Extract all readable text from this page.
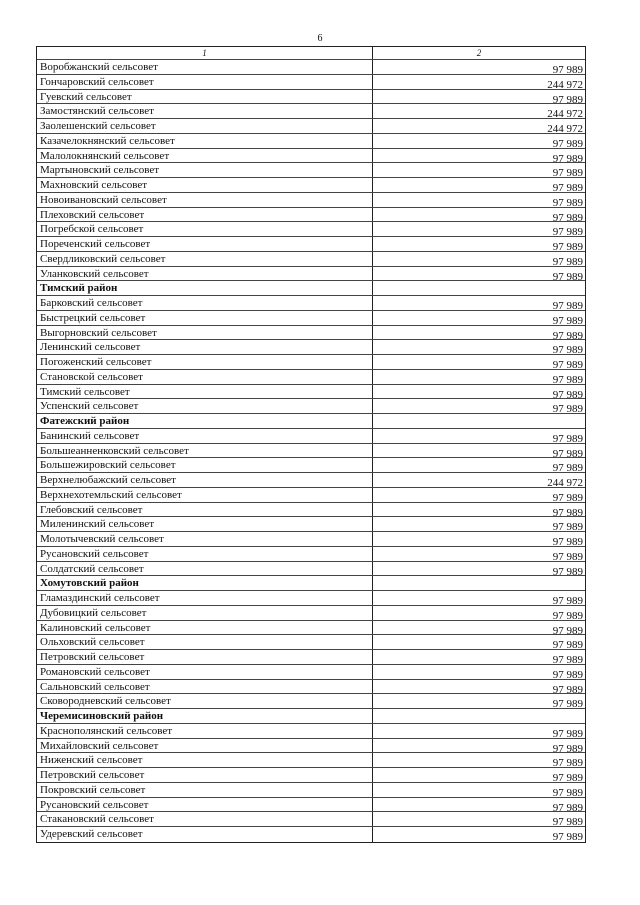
6
1	2
Воробжанский сельсовет	97 989
Гончаровский сельсовет	244 972
Гуевский сельсовет	97 989
Замостянский сельсовет	244 972
Заолешенский сельсовет	244 972
Казачелокнянский сельсовет	97 989
Малолокнянский сельсовет	97 989
Мартыновский сельсовет	97 989
Махновский сельсовет	97 989
Новоивановский сельсовет	97 989
Плеховский сельсовет	97 989
Погребской сельсовет	97 989
Пореченский сельсовет	97 989
Свердликовский сельсовет	97 989
Уланковский сельсовет	97 989
Тимский район
Барковский сельсовет	97 989
Быстрецкий сельсовет	97 989
Выгорновский сельсовет	97 989
Ленинский сельсовет	97 989
Погоженский сельсовет	97 989
Становской сельсовет	97 989
Тимский сельсовет	97 989
Успенский сельсовет	97 989
Фатежский район
Банинский сельсовет	97 989
Большеанненковский сельсовет	97 989
Большежировский сельсовет	97 989
Верхнелюбажский сельсовет	244 972
Верхнехотемльский сельсовет	97 989
Глебовский сельсовет	97 989
Миленинский сельсовет	97 989
Молотычевский сельсовет	97 989
Русановский сельсовет	97 989
Солдатский сельсовет	97 989
Хомутовский район
Гламаздинский сельсовет	97 989
Дубовицкий сельсовет	97 989
Калиновский сельсовет	97 989
Ольховский сельсовет	97 989
Петровский сельсовет	97 989
Романовский сельсовет	97 989
Сальновский сельсовет	97 989
Сковородневский сельсовет	97 989
Черемисиновский район
Краснополянский сельсовет	97 989
Михайловский сельсовет	97 989
Ниженский сельсовет	97 989
Петровский сельсовет	97 989
Покровский сельсовет	97 989
Русановский сельсовет	97 989
Стакановский сельсовет	97 989
Удеревский сельсовет	97 989
